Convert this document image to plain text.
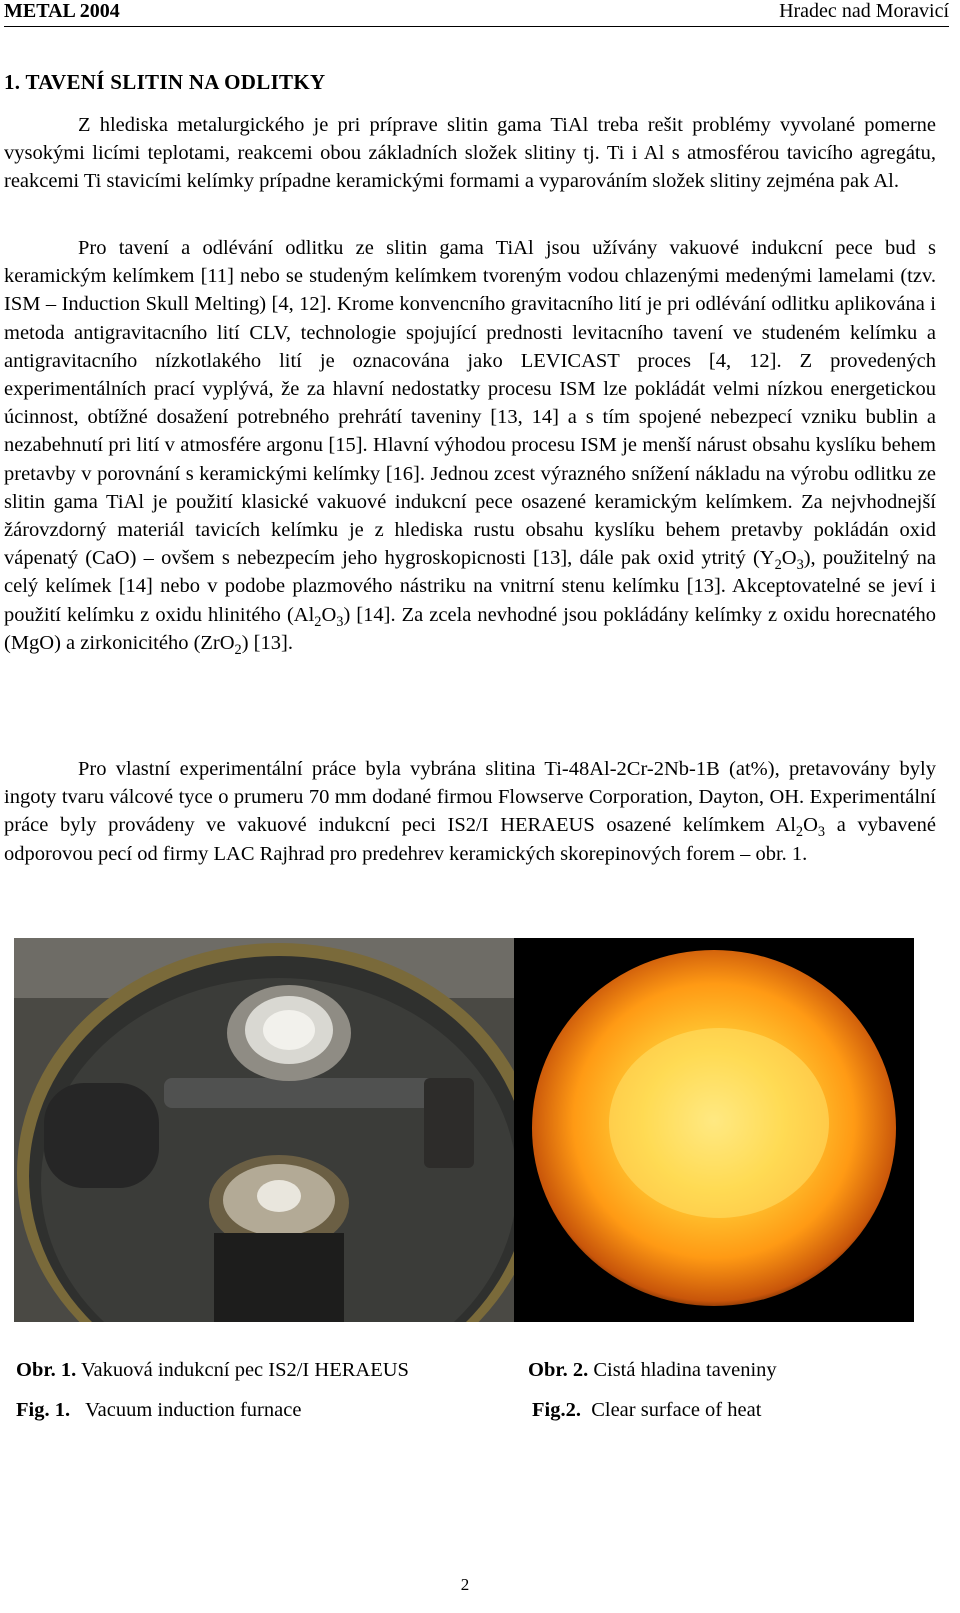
METAL 2004	Hradec nad Moravicí
1. TAVENÍ SLITIN NA ODLITKY

Z hlediska metalurgického je pri príprave slitin gama TiAl treba rešit problémy vyvolané pomerne vysokými licími teplotami, reakcemi obou základních složek slitiny tj. Ti i Al s atmosférou tavicího agregátu, reakcemi Ti stavicími kelímky prípadne keramickými formami a vyparováním složek slitiny zejména pak Al.

Pro tavení a odlévání odlitku ze slitin gama TiAl jsou užívány vakuové indukcní pece bud s keramickým kelímkem [11] nebo se studeným kelímkem tvoreným vodou chlazenými medenými lamelami (tzv. ISM – Induction Skull Melting) [4, 12]. Krome konvencního gravitacního lití je pri odlévání odlitku aplikována i metoda antigravitacního lití CLV, technologie spojující prednosti levitacního tavení ve studeném kelímku a antigravitacního nízkotlakého lití je oznacována jako LEVICAST proces [4, 12]. Z provedených experimentálních prací vyplývá, že za hlavní nedostatky procesu ISM lze pokládát velmi nízkou energetickou úcinnost, obtížné dosažení potrebného prehrátí taveniny [13, 14] a s tím spojené nebezpecí vzniku bublin a nezabehnutí pri lití v atmosfére argonu [15]. Hlavní výhodou procesu ISM je menší nárust obsahu kyslíku behem pretavby v porovnání s keramickými kelímky [16]. Jednou zcest výrazného snížení nákladu na výrobu odlitku ze slitin gama TiAl je použití klasické vakuové indukcní pece osazené keramickým kelímkem. Za nejvhodnejší žárovzdorný materiál tavicích kelímku je z hlediska rustu obsahu kyslíku behem pretavby pokládán oxid vápenatý (CaO) – ovšem s nebezpecím jeho hygroskopicnosti [13], dále pak oxid ytritý $(Y_2O_3)$, použitelný na celý kelímek [14] nebo v podobe plazmového nástriku na vnitrní stenu kelímku [13]. Akceptovatelné se jeví i použití kelímku z oxidu hlinitého $(Al_2O_3)$ [14]. Za zcela nevhodné jsou pokládány kelímky z oxidu horecnatého (MgO) a zirkonicitého (ZrO$_2$) [13].

Pro vlastní experimentální práce byla vybrána slitina Ti-48Al-2Cr-2Nb-1B (at%), pretavovány byly ingoty tvaru válcové tyce o prumeru 70 mm dodané firmou Flowserve Corporation, Dayton, OH. Experimentální práce byly provádeny ve vakuové indukcní peci IS2/I HERAEUS osazené kelímkem $Al_2O_3$ a vybavené odporovou pecí od firmy LAC Rajhrad pro predehrev keramických skorepinových forem – obr. 1.

Obr. 1. Vakuová indukcní pec IS2/I HERAEUS	Obr. 2. Cistá hladina taveniny
Fig. 1. Vacuum induction furnace	Fig.2. Clear surface of heat
2
